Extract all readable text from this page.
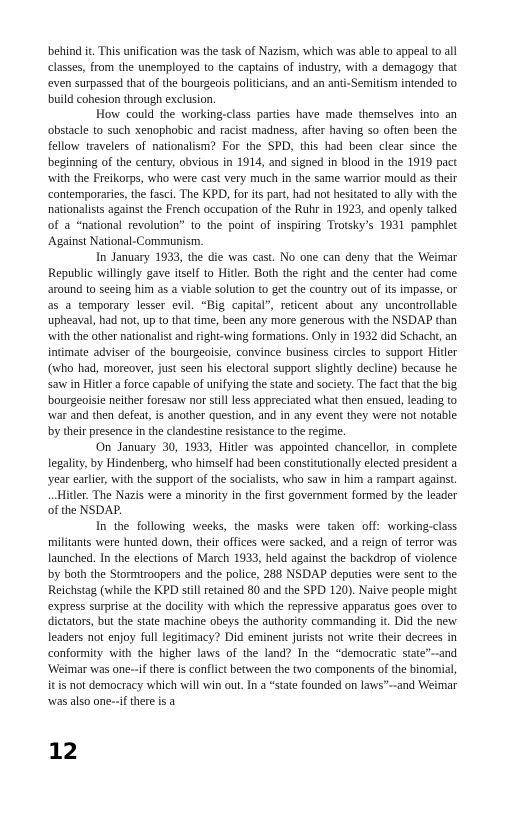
behind it. This unification was the task of Nazism, which was able to appeal to all classes, from the unemployed to the captains of industry, with a demagogy that even surpassed that of the bourgeois politicians, and an anti-Semitism intended to build cohesion through exclusion.

How could the working-class parties have made themselves into an obstacle to such xenophobic and racist madness, after having so often been the fellow travelers of nationalism? For the SPD, this had been clear since the beginning of the century, obvious in 1914, and signed in blood in the 1919 pact with the Freikorps, who were cast very much in the same warrior mould as their contemporaries, the fasci. The KPD, for its part, had not hesitated to ally with the nationalists against the French occupation of the Ruhr in 1923, and openly talked of a “national revolution” to the point of inspiring Trotsky’s 1931 pamphlet Against National-Communism.

In January 1933, the die was cast. No one can deny that the Weimar Republic willingly gave itself to Hitler. Both the right and the center had come around to seeing him as a viable solution to get the country out of its impasse, or as a temporary lesser evil. “Big capital”, reticent about any uncontrollable upheaval, had not, up to that time, been any more generous with the NSDAP than with the other nationalist and right-wing formations. Only in 1932 did Schacht, an intimate adviser of the bourgeoisie, convince business circles to support Hitler (who had, moreover, just seen his electoral support slightly decline) because he saw in Hitler a force capable of unifying the state and society. The fact that the big bourgeoisie neither foresaw nor still less appreciated what then ensued, leading to war and then defeat, is another question, and in any event they were not notable by their presence in the clandestine resistance to the regime.

On January 30, 1933, Hitler was appointed chancellor, in complete legality, by Hindenberg, who himself had been constitutionally elected president a year earlier, with the support of the socialists, who saw in him a rampart against. ...Hitler. The Nazis were a minority in the first government formed by the leader of the NSDAP.

In the following weeks, the masks were taken off: working-class militants were hunted down, their offices were sacked, and a reign of terror was launched. In the elections of March 1933, held against the backdrop of violence by both the Stormtroopers and the police, 288 NSDAP deputies were sent to the Reichstag (while the KPD still retained 80 and the SPD 120). Naive people might express surprise at the docility with which the repressive apparatus goes over to dictators, but the state machine obeys the authority commanding it. Did the new leaders not enjoy full legitimacy? Did eminent jurists not write their decrees in conformity with the higher laws of the land? In the “democratic state”--and Weimar was one--if there is conflict between the two components of the binomial, it is not democracy which will win out. In a “state founded on laws”--and Weimar was also one--if there is a

12
